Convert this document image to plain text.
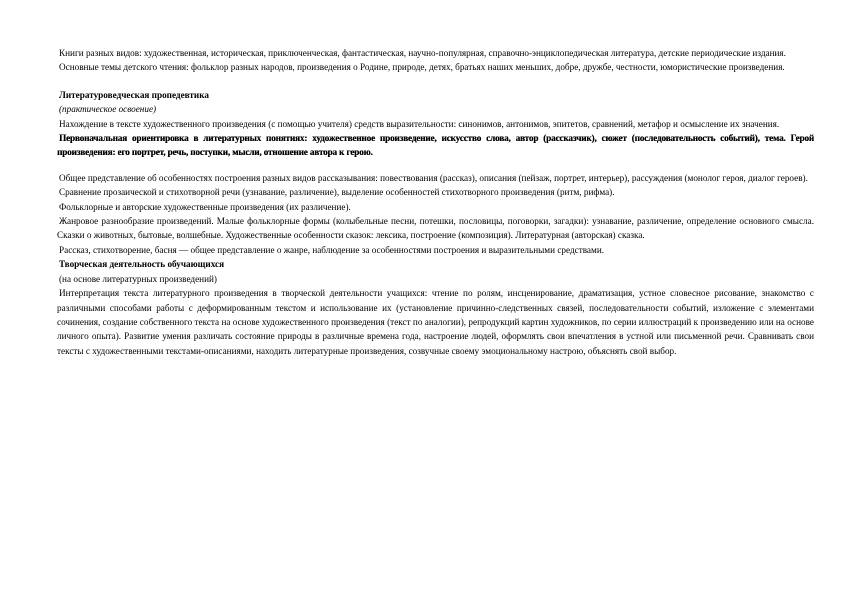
Книги разных видов: художественная, историческая, приключенческая, фантастическая, научно-популярная, справочно-энциклопедическая литература, детские периодические издания.

Основные темы детского чтения: фольклор разных народов, произведения о Родине, природе, детях, братьях наших меньших, добре, дружбе, честности, юмористические произведения.

Литературоведческая пропедевтика

(практическое освоение)

Нахождение в тексте художественного произведения (с помощью учителя) средств выразительности: синонимов, антонимов, эпитетов, сравнений, метафор и осмысление их значения.

Первоначальная ориентировка в литературных понятиях: художественное произведение, искусство слова, автор (рассказчик), сюжет (последовательность событий), тема. Герой произведения: его портрет, речь, поступки, мысли, отношение автора к герою.

Общее представление об особенностях построения разных видов рассказывания: повествования (рассказ), описания (пейзаж, портрет, интерьер), рассуждения (монолог героя, диалог героев).

Сравнение прозаической и стихотворной речи (узнавание, различение), выделение особенностей стихотворного произведения (ритм, рифма).

Фольклорные и авторские художественные произведения (их различение).

Жанровое разнообразие произведений. Малые фольклорные формы (колыбельные песни, потешки, пословицы, поговорки, загадки): узнавание, различение, определение основного смысла. Сказки о животных, бытовые, волшебные. Художественные особенности сказок: лексика, построение (композиция). Литературная (авторская) сказка.

Рассказ, стихотворение, басня — общее представление о жанре, наблюдение за особенностями построения и выразительными средствами.

Творческая деятельность обучающихся

(на основе литературных произведений)

Интерпретация текста литературного произведения в творческой деятельности учащихся: чтение по ролям, инсценирование, драматизация, устное словесное рисование, знакомство с различными способами работы с деформированным текстом и использование их (установление причинно-следственных связей, последовательности событий, изложение с элементами сочинения, создание собственного текста на основе художественного произведения (текст по аналогии), репродукций картин художников, по серии иллюстраций к произведению или на основе личного опыта). Развитие умения различать состояние природы в различные времена года, настроение людей, оформлять свои впечатления в устной или письменной речи. Сравнивать свои тексты с художественными текстами-описаниями, находить литературные произведения, созвучные своему эмоциональному настрою, объяснять свой выбор.
